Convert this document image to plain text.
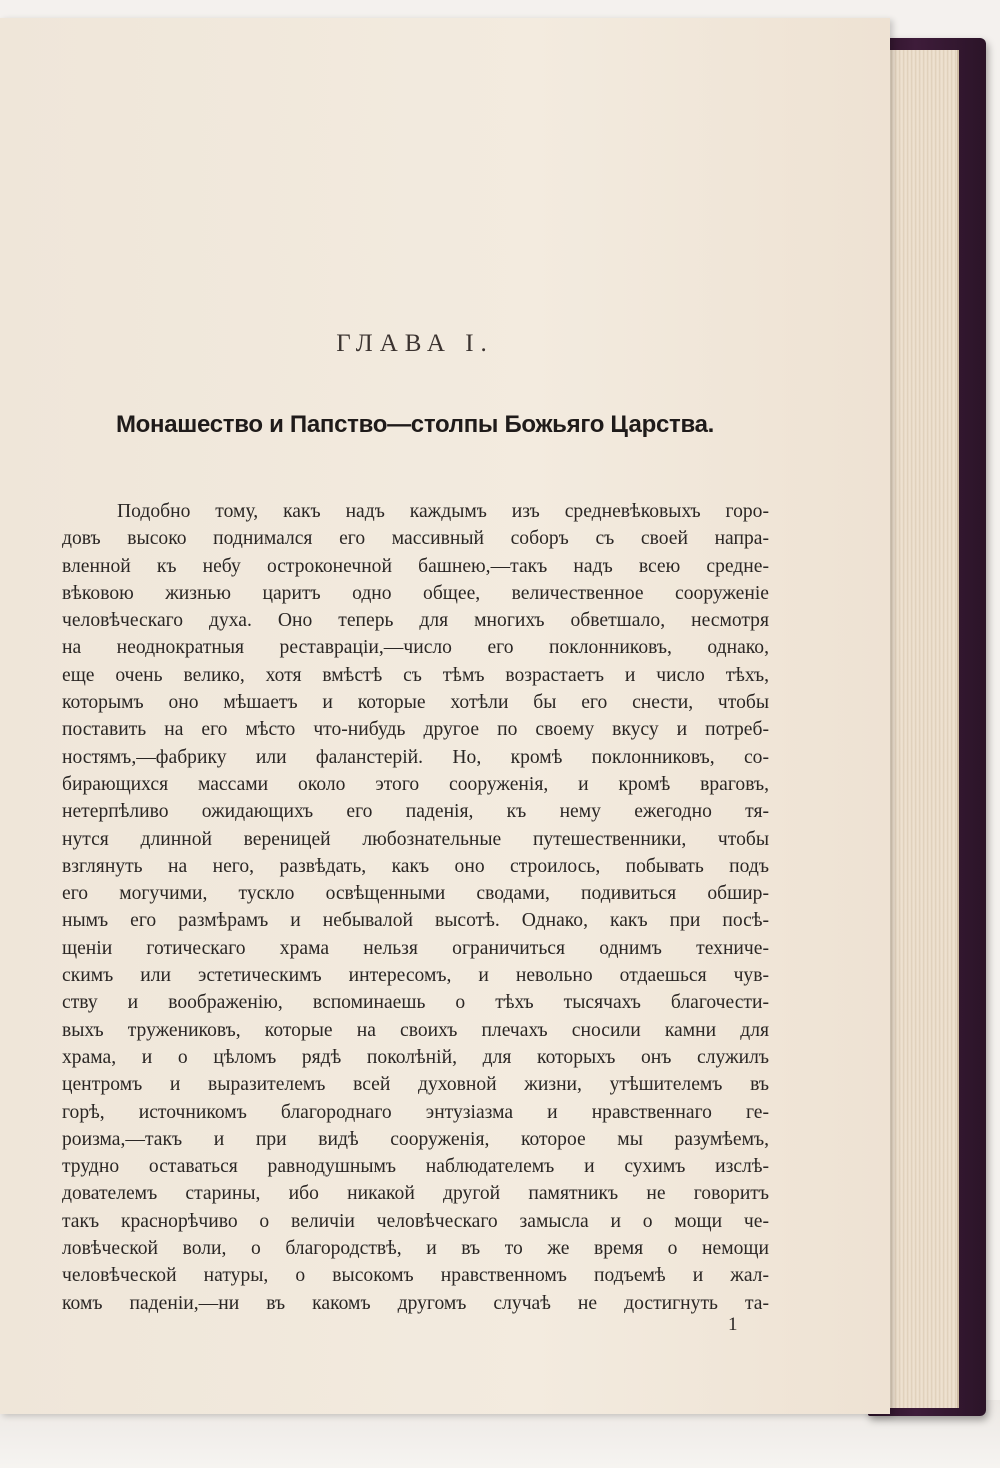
ГЛАВА I.
Монашество и Папство—столпы Божьяго Царства.
Подобно тому, какъ надъ каждымъ изъ средневѣковыхъ горо-
довъ высоко поднимался его массивный соборъ съ своей напра-
вленной къ небу остроконечной башнею,—такъ надъ всею средне-
вѣковою жизнью царитъ одно общее, величественное сооруженіе
человѣческаго духа. Оно теперь для многихъ обветшало, несмотря
на неоднократныя реставраціи,—число его поклонниковъ, однако,
еще очень велико, хотя вмѣстѣ съ тѣмъ возрастаетъ и число тѣхъ,
которымъ оно мѣшаетъ и которые хотѣли бы его снести, чтобы
поставить на его мѣсто что-нибудь другое по своему вкусу и потреб-
ностямъ,—фабрику или фаланстерій. Но, кромѣ поклонниковъ, со-
бирающихся массами около этого сооруженія, и кромѣ враговъ,
нетерпѣливо ожидающихъ его паденія, къ нему ежегодно тя-
нутся длинной вереницей любознательные путешественники, чтобы
взглянуть на него, развѣдать, какъ оно строилось, побывать подъ
его могучими, тускло освѣщенными сводами, подивиться обшир-
нымъ его размѣрамъ и небывалой высотѣ. Однако, какъ при посѣ-
щеніи готическаго храма нельзя ограничиться однимъ техниче-
скимъ или эстетическимъ интересомъ, и невольно отдаешься чув-
ству и воображенію, вспоминаешь о тѣхъ тысячахъ благочести-
выхъ тружениковъ, которые на своихъ плечахъ сносили камни для
храма, и о цѣломъ рядѣ поколѣній, для которыхъ онъ служилъ
центромъ и выразителемъ всей духовной жизни, утѣшителемъ въ
горѣ, источникомъ благороднаго энтузіазма и нравственнаго ге-
роизма,—такъ и при видѣ сооруженія, которое мы разумѣемъ,
трудно оставаться равнодушнымъ наблюдателемъ и сухимъ изслѣ-
дователемъ старины, ибо никакой другой памятникъ не говоритъ
такъ краснорѣчиво о величіи человѣческаго замысла и о мощи че-
ловѣческой воли, о благородствѣ, и въ то же время о немощи
человѣческой натуры, о высокомъ нравственномъ подъемѣ и жал-
комъ паденіи,—ни въ какомъ другомъ случаѣ не достигнуть та-
1
